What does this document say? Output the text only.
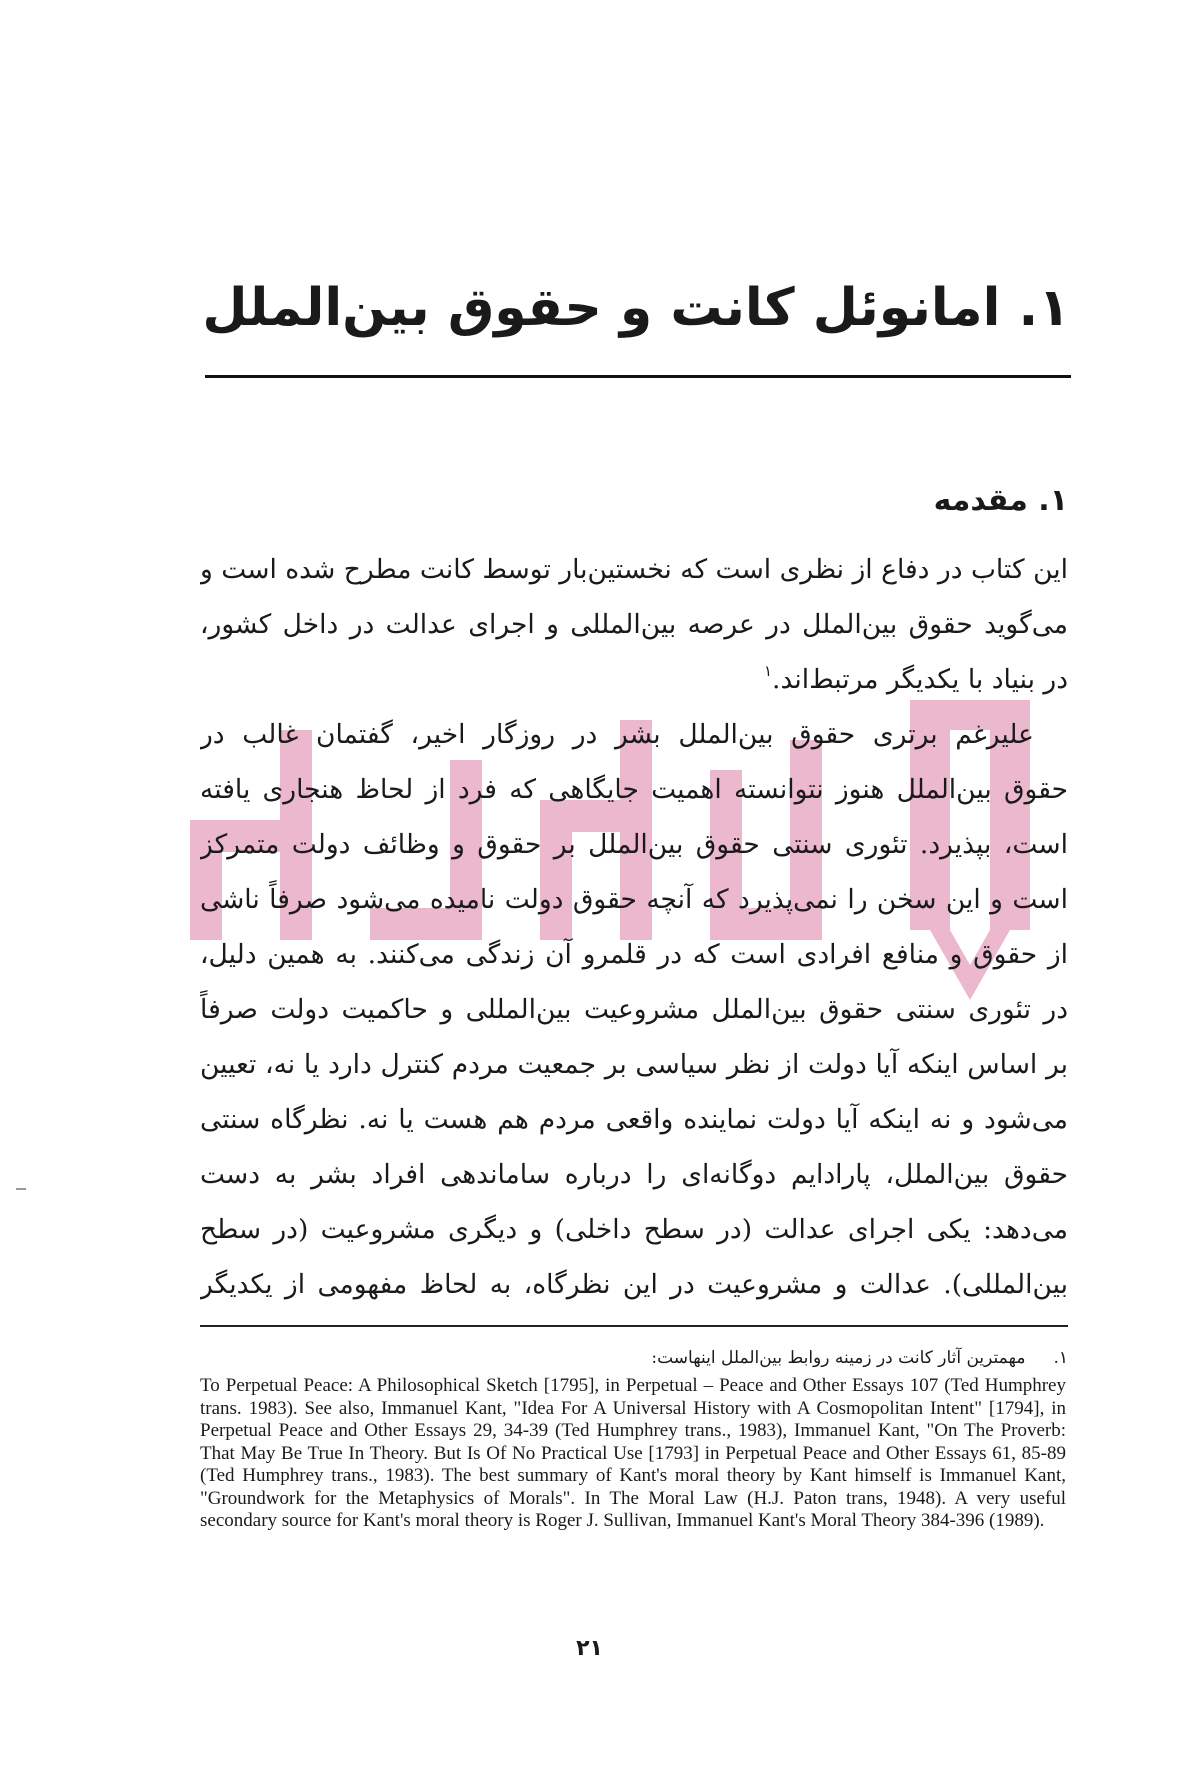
۱. امانوئل کانت و حقوق بین‌الملل
۱. مقدمه
این کتاب در دفاع از نظری است که نخستین‌بار توسط کانت مطرح شده است و
می‌گوید حقوق بین‌الملل در عرصه بین‌المللی و اجرای عدالت در داخل کشور،
در بنیاد با یکدیگر مرتبط‌اند.$^۱$
علیرغم برتری حقوق بین‌الملل بشر در روزگار اخیر، گفتمان غالب در
حقوق بین‌الملل هنوز نتوانسته اهمیت جایگاهی که فرد از لحاظ هنجاری یافته
است، بپذیرد. تئوری سنتی حقوق بین‌الملل بر حقوق و وظائف دولت متمرکز
است و این سخن را نمی‌پذیرد که آنچه حقوق دولت نامیده می‌شود صرفاً ناشی
از حقوق و منافع افرادی است که در قلمرو آن زندگی می‌کنند. به همین دلیل،
در تئوری سنتی حقوق بین‌الملل مشروعیت بین‌المللی و حاکمیت دولت صرفاً
بر اساس اینکه آیا دولت از نظر سیاسی بر جمعیت مردم کنترل دارد یا نه، تعیین
می‌شود و نه اینکه آیا دولت نماینده واقعی مردم هم هست یا نه. نظرگاه سنتی
حقوق بین‌الملل، پارادایم دوگانه‌ای را درباره ساماندهی افراد بشر به دست
می‌دهد: یکی اجرای عدالت (در سطح داخلی) و دیگری مشروعیت (در سطح
بین‌المللی). عدالت و مشروعیت در این نظرگاه، به لحاظ مفهومی از یکدیگر
۱.مهمترین آثار کانت در زمینه روابط بین‌الملل اینهاست:
To Perpetual Peace: A Philosophical Sketch [1795], in Perpetual – Peace and Other Essays 107 (Ted Humphrey trans. 1983). See also, Immanuel Kant, "Idea For A Universal History with A Cosmopolitan Intent" [1794], in Perpetual Peace and Other Essays 29, 34-39 (Ted Humphrey trans., 1983), Immanuel Kant, "On The Proverb: That May Be True In Theory. But Is Of No Practical Use [1793] in Perpetual Peace and Other Essays 61, 85-89 (Ted Humphrey trans., 1983). The best summary of Kant's moral theory by Kant himself is Immanuel Kant, "Groundwork for the Metaphysics of Morals". In The Moral Law (H.J. Paton trans, 1948). A very useful secondary source for Kant's moral theory is Roger J. Sullivan, Immanuel Kant's Moral Theory 384-396 (1989).
۲۱
